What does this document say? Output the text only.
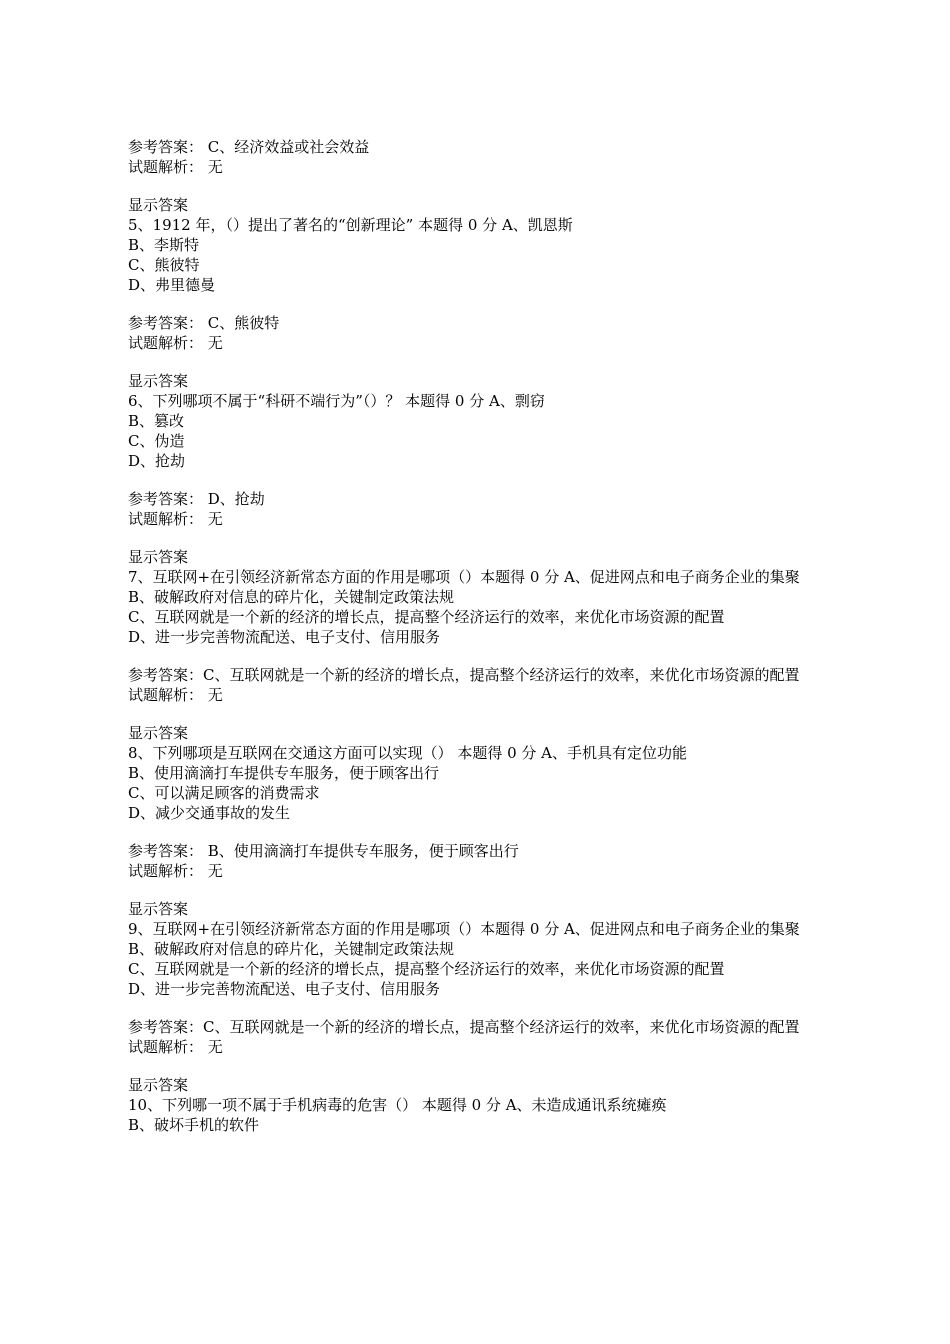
参考答案： C、经济效益或社会效益
试题解析： 无
显示答案
5、1912 年，（）提出了著名的“创新理论” 本题得 0 分 A、凯恩斯
B、李斯特
C、熊彼特
D、弗里德曼
参考答案： C、熊彼特
试题解析： 无
显示答案
6、下列哪项不属于“科研不端行为”（）？ 本题得 0 分 A、剽窃
B、篡改
C、伪造
D、抢劫
参考答案： D、抢劫
试题解析： 无
显示答案
7、互联网+在引领经济新常态方面的作用是哪项（）本题得 0 分 A、促进网点和电子商务企业的集聚
B、破解政府对信息的碎片化，关键制定政策法规
C、互联网就是一个新的经济的增长点，提高整个经济运行的效率，来优化市场资源的配置
D、进一步完善物流配送、电子支付、信用服务
参考答案：C、互联网就是一个新的经济的增长点，提高整个经济运行的效率，来优化市场资源的配置
试题解析： 无
显示答案
8、下列哪项是互联网在交通这方面可以实现（） 本题得 0 分 A、手机具有定位功能
B、使用滴滴打车提供专车服务，便于顾客出行
C、可以满足顾客的消费需求
D、减少交通事故的发生
参考答案： B、使用滴滴打车提供专车服务，便于顾客出行
试题解析： 无
显示答案
9、互联网+在引领经济新常态方面的作用是哪项（）本题得 0 分 A、促进网点和电子商务企业的集聚
B、破解政府对信息的碎片化，关键制定政策法规
C、互联网就是一个新的经济的增长点，提高整个经济运行的效率，来优化市场资源的配置
D、进一步完善物流配送、电子支付、信用服务
参考答案：C、互联网就是一个新的经济的增长点，提高整个经济运行的效率，来优化市场资源的配置
试题解析： 无
显示答案
10、下列哪一项不属于手机病毒的危害（） 本题得 0 分 A、未造成通讯系统瘫痪
B、破坏手机的软件
